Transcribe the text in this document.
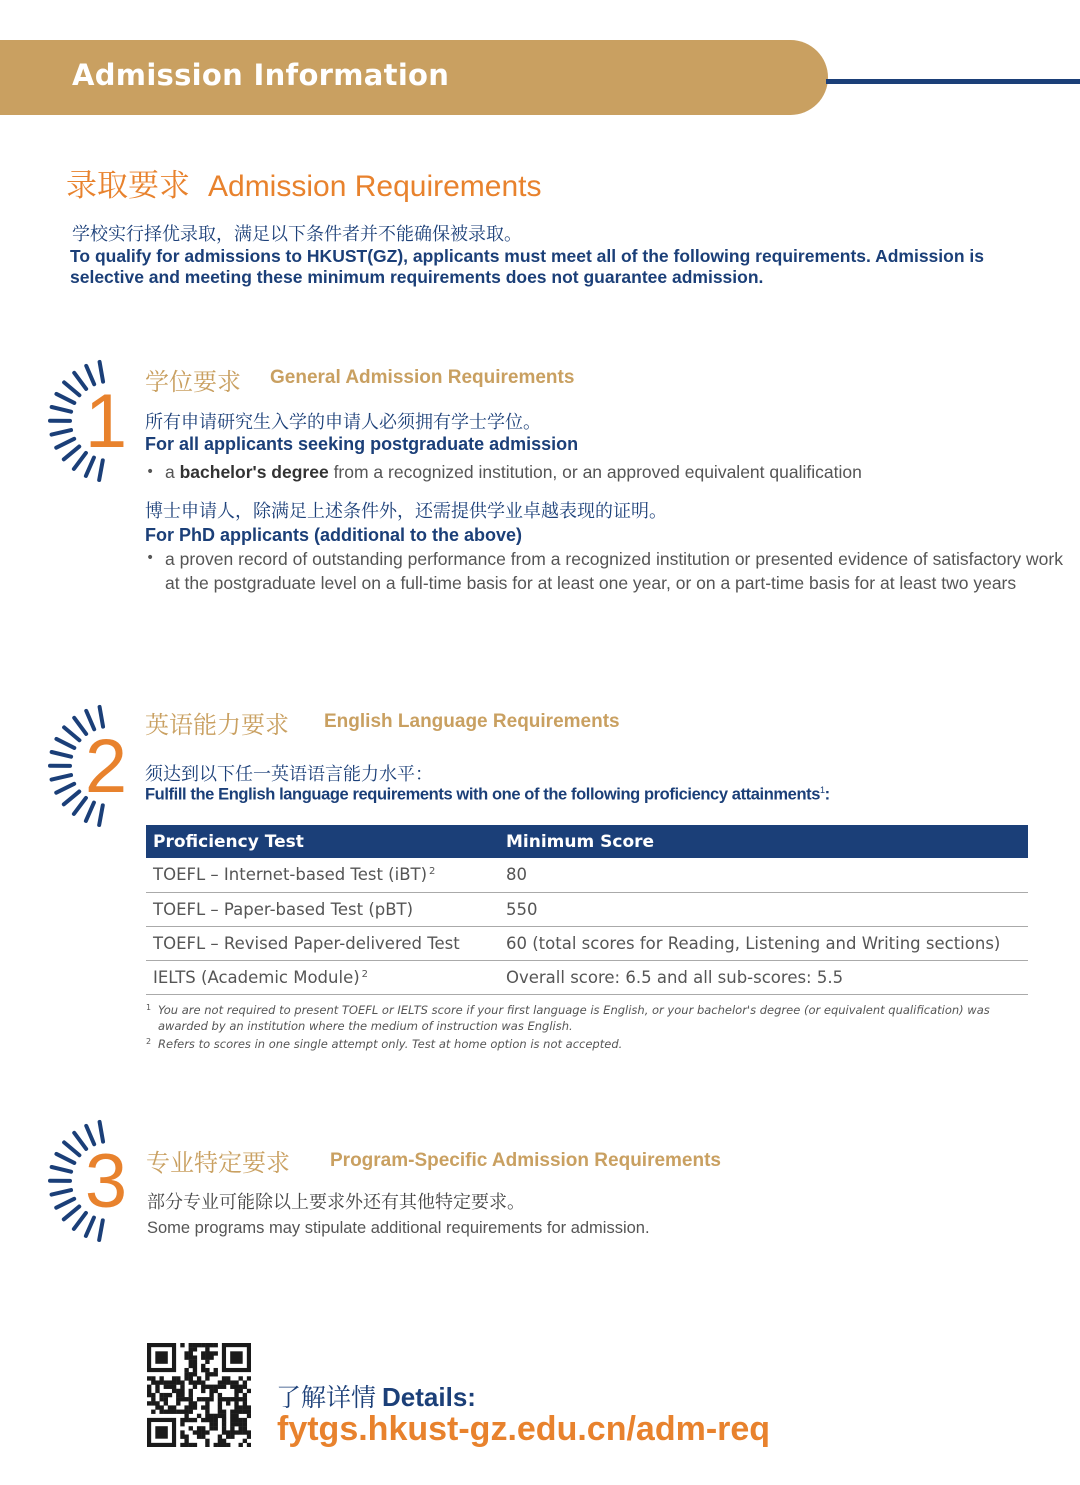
Admission Information
录取要求 Admission Requirements
学校实行择优录取，满足以下条件者并不能确保被录取。
To qualify for admissions to HKUST(GZ), applicants must meet all of the following requirements. Admission is selective and meeting these minimum requirements does not guarantee admission.
1 学位要求 General Admission Requirements
所有申请研究生入学的申请人必须拥有学士学位。
For all applicants seeking postgraduate admission
• a bachelor's degree from a recognized institution, or an approved equivalent qualification
博士申请人，除满足上述条件外，还需提供学业卓越表现的证明。
For PhD applicants (additional to the above)
• a proven record of outstanding performance from a recognized institution or presented evidence of satisfactory work at the postgraduate level on a full-time basis for at least one year, or on a part-time basis for at least two years
2 英语能力要求 English Language Requirements
须达到以下任一英语语言能力水平：
Fulfill the English language requirements with one of the following proficiency attainments$^1$:
Proficiency Test	Minimum Score
TOEFL – Internet-based Test (iBT) $^2$	80
TOEFL – Paper-based Test (pBT)	550
TOEFL – Revised Paper-delivered Test	60 (total scores for Reading, Listening and Writing sections)
IELTS (Academic Module) $^2$	Overall score: 6.5 and all sub-scores: 5.5
1 You are not required to present TOEFL or IELTS score if your first language is English, or your bachelor's degree (or equivalent qualification) was awarded by an institution where the medium of instruction was English.
2 Refers to scores in one single attempt only. Test at home option is not accepted.
3 专业特定要求 Program-Specific Admission Requirements
部分专业可能除以上要求外还有其他特定要求。
Some programs may stipulate additional requirements for admission.
了解详情 Details:
fytgs.hkust-gz.edu.cn/adm-req
